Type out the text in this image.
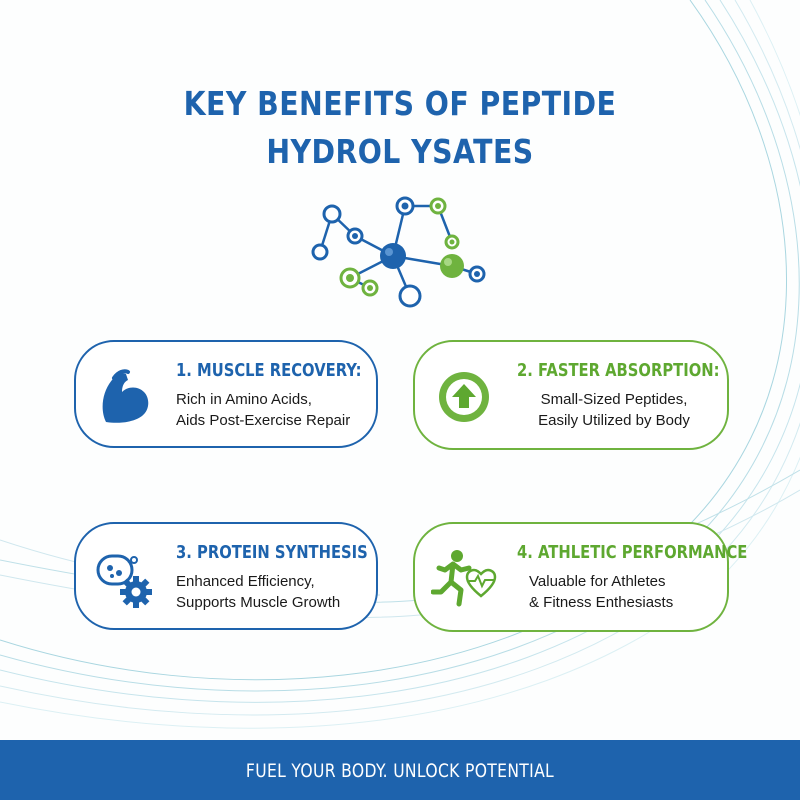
KEY BENEFITS OF PEPTIDE
HYDROL YSATES
1. MUSCLE RECOVERY:

Rich in Amino Acids,

Aids Post-Exercise Repair

2. FASTER ABSORPTION:

Small-Sized Peptides,

Easily Utilized by Body

3. PROTEIN SYNTHESIS

Enhanced Efficiency,

Supports Muscle Growth

4. ATHLETIC PERFORMANCE

Valuable for Athletes

& Fitness Enthesiasts

FUEL YOUR BODY. UNLOCK POTENTIAL
